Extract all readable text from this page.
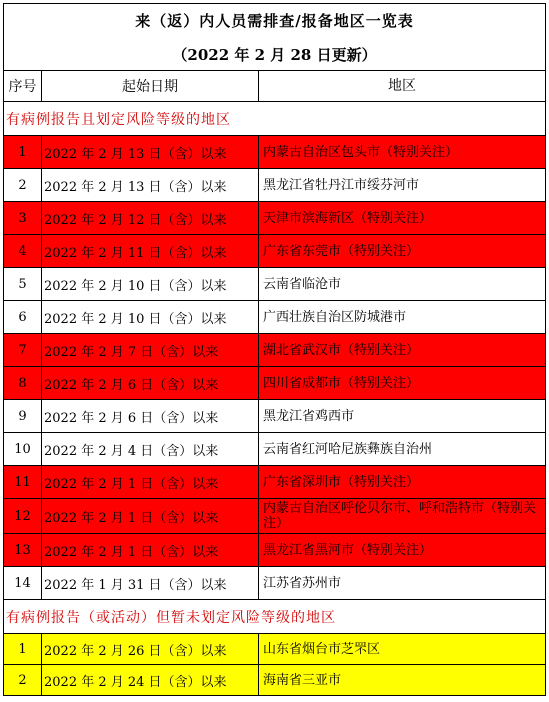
来（返）内人员需排查/报备地区一览表
（2022 年 2 月 28 日更新）
序号	起始日期	地区
有病例报告且划定风险等级的地区		
1	2022 年 2 月 13 日（含）以来	内蒙古自治区包头市（特别关注）
2	2022 年 2 月 13 日（含）以来	黑龙江省牡丹江市绥芬河市
3	2022 年 2 月 12 日（含）以来	天津市滨海新区（特别关注）
4	2022 年 2 月 11 日（含）以来	广东省东莞市（特别关注）
5	2022 年 2 月 10 日（含）以来	云南省临沧市
6	2022 年 2 月 10 日（含）以来	广西壮族自治区防城港市
7	2022 年 2 月 7 日（含）以来	湖北省武汉市（特别关注）
8	2022 年 2 月 6 日（含）以来	四川省成都市（特别关注）
9	2022 年 2 月 6 日（含）以来	黑龙江省鸡西市
10	2022 年 2 月 4 日（含）以来	云南省红河哈尼族彝族自治州
11	2022 年 2 月 1 日（含）以来	广东省深圳市（特别关注）
12	2022 年 2 月 1 日（含）以来	内蒙古自治区呼伦贝尔市、呼和浩特市（特别关注）
13	2022 年 2 月 1 日（含）以来	黑龙江省黑河市（特别关注）
14	2022 年 1 月 31 日（含）以来	江苏省苏州市
有病例报告（或活动）但暂未划定风险等级的地区		
1	2022 年 2 月 26 日（含）以来	山东省烟台市芝罘区
2	2022 年 2 月 24 日（含）以来	海南省三亚市
